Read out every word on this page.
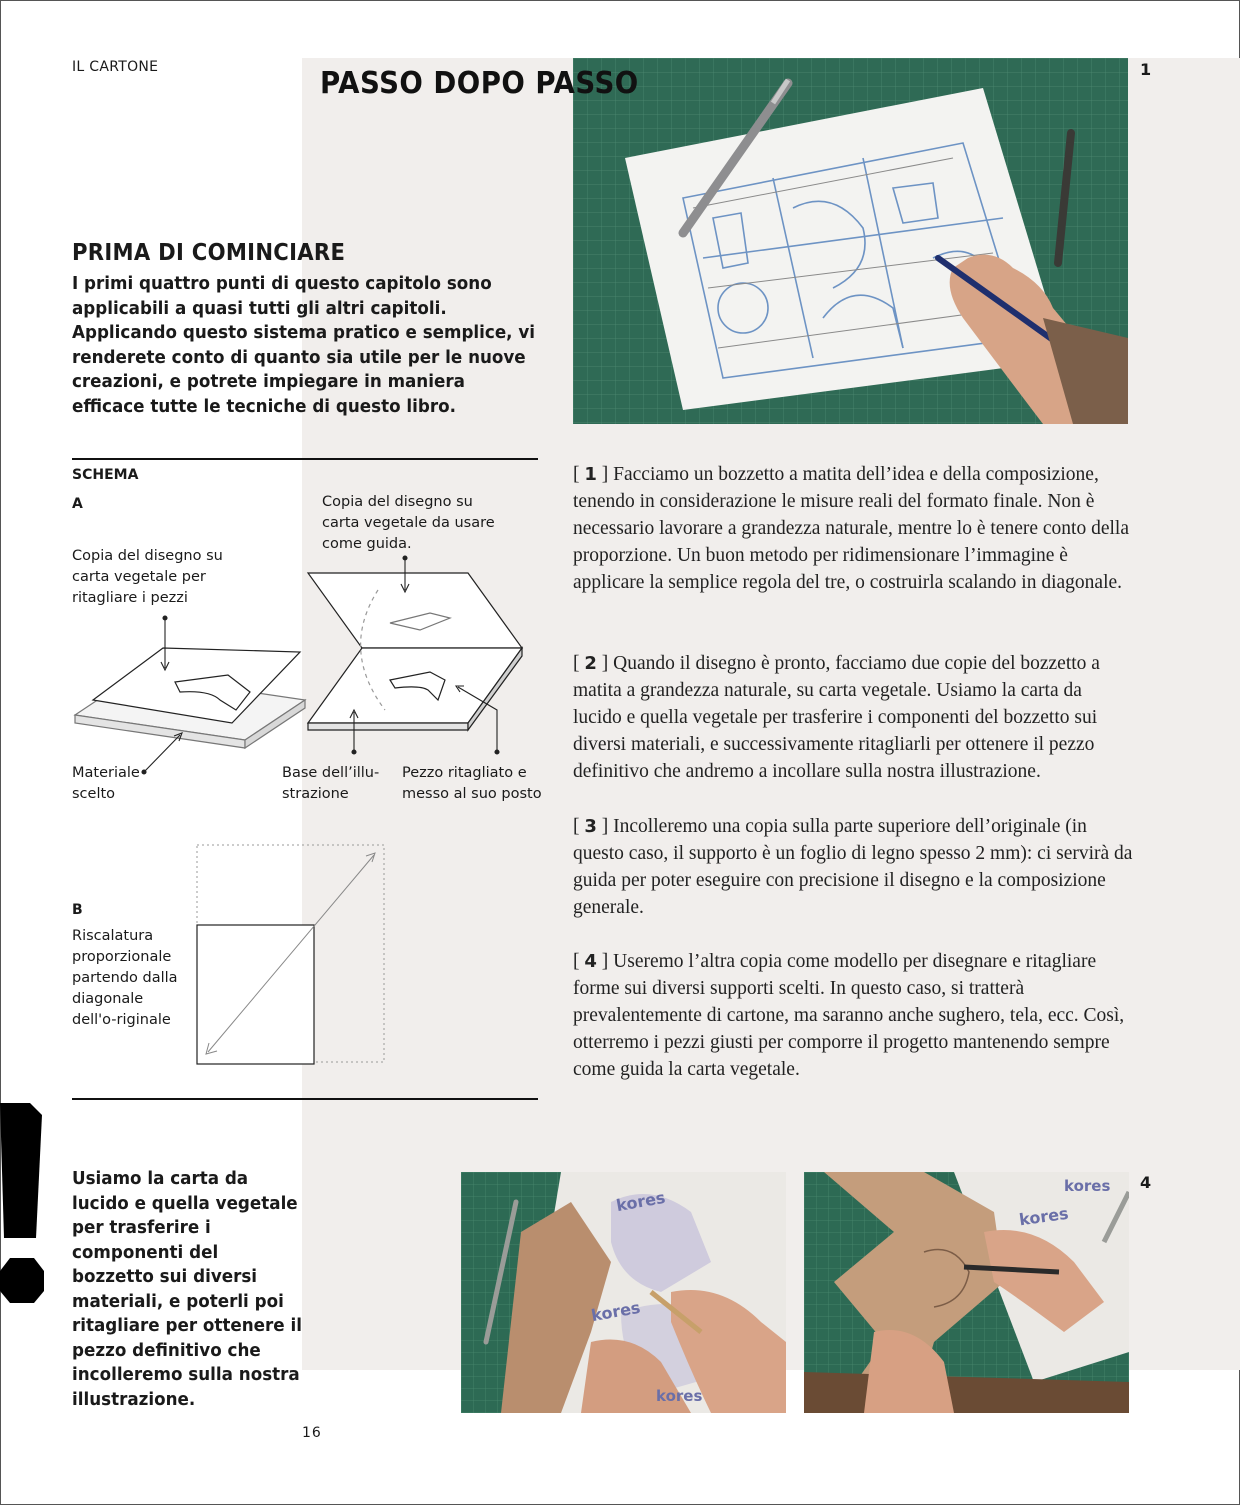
IL CARTONE	PASSO DOPO PASSO	1
PRIMA DI COMINCIARE
I primi quattro punti di questo capitolo sono applicabili a quasi tutti gli altri capitoli. Applicando questo sistema pratico e semplice, vi renderete conto di quanto sia utile per le nuove creazioni, e potrete impiegare in maniera efficace tutte le tecniche di questo libro.
SCHEMA
A
Copia del disegno su carta vegetale per ritagliare i pezzi
Copia del disegno su carta vegetale da usare come guida.
Materiale scelto
Base dell’illu-strazione
Pezzo ritagliato e messo al suo posto
B
Riscalatura proporzionale partendo dalla diagonale dell'o-riginale
[ 1 ] Facciamo un bozzetto a matita dell’idea e della composizione, tenendo in considerazione le misure reali del formato finale. Non è necessario lavorare a grandezza naturale, mentre lo è tenere conto della proporzione. Un buon metodo per ridimensionare l’immagine è applicare la semplice regola del tre, o costruirla scalando in diagonale.
[ 2 ] Quando il disegno è pronto, facciamo due copie del bozzetto a matita a grandezza naturale, su carta vegetale. Usiamo la carta da lucido e quella vegetale per trasferire i componenti del bozzetto sui diversi materiali, e successivamente ritagliarli per ottenere il pezzo definitivo che andremo a incollare sulla nostra illustrazione.
[ 3 ] Incolleremo una copia sulla parte superiore dell’originale (in questo caso, il supporto è un foglio di legno spesso 2 mm): ci servirà da guida per poter eseguire con precisione il disegno e la composizione generale.
[ 4 ] Useremo l’altra copia come modello per disegnare e ritagliare forme sui diversi supporti scelti. In questo caso, si tratterà prevalentemente di cartone, ma saranno anche sughero, tela, ecc. Così, otterremo i pezzi giusti per comporre il progetto mantenendo sempre come guida la carta vegetale.
Usiamo la carta da lucido e quella vegetale per trasferire i componenti del bozzetto sui diversi materiali, e poterli poi ritagliare per ottenere il pezzo definitivo che incolleremo sulla nostra illustrazione.
kores
kores
kores
kores
kores 4
16
